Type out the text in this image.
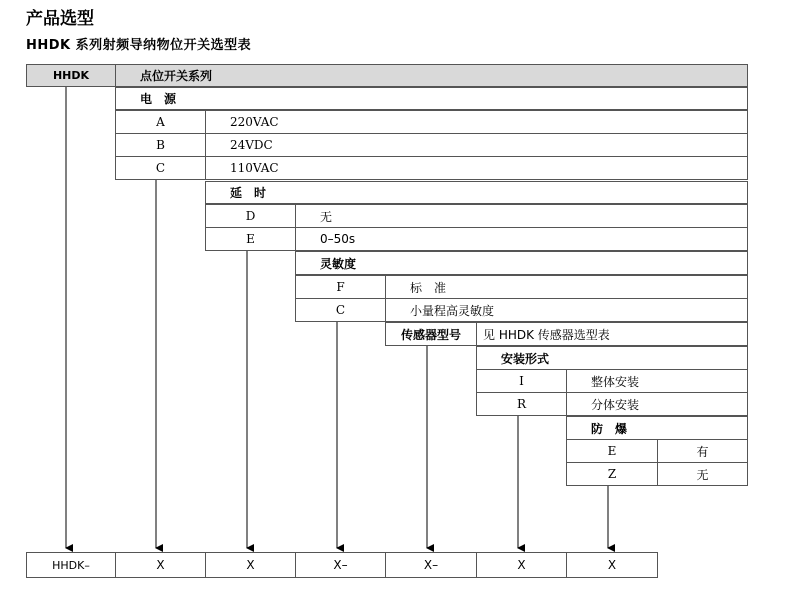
产品选型
HHDK 系列射频导纳物位开关选型表
HHDK	点位开关系列
电　源
A	220VAC
B	24VDC
C	110VAC
延　时
D	无
E	0–50s
灵敏度
F	标　准
C	小量程高灵敏度
传感器型号	见 HHDK 传感器选型表
安装形式
I	整体安装
R	分体安装
防　爆
E	有
Z	无
HHDK–	X	X	X–	X–	X	X
